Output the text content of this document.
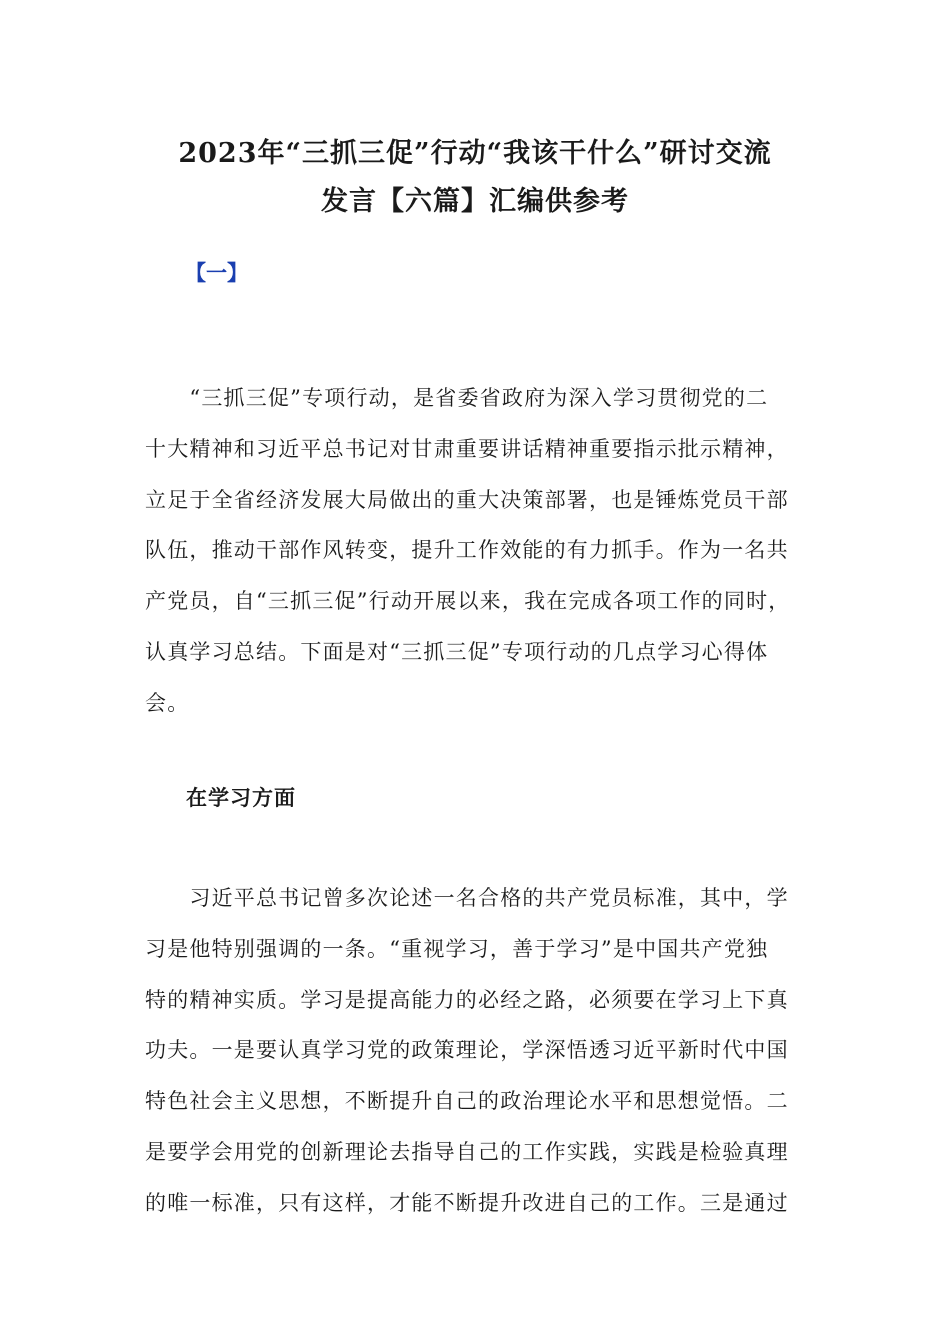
2023年“三抓三促”行动“我该干什么”研讨交流
发言【六篇】汇编供参考

【一】

　　“三抓三促”专项行动，是省委省政府为深入学习贯彻党的二
十大精神和习近平总书记对甘肃重要讲话精神重要指示批示精神，
立足于全省经济发展大局做出的重大决策部署，也是锤炼党员干部
队伍，推动干部作风转变，提升工作效能的有力抓手。作为一名共
产党员，自“三抓三促”行动开展以来，我在完成各项工作的同时，
认真学习总结。下面是对“三抓三促”专项行动的几点学习心得体
会。

在学习方面

　　习近平总书记曾多次论述一名合格的共产党员标准，其中，学
习是他特别强调的一条。“重视学习，善于学习”是中国共产党独
特的精神实质。学习是提高能力的必经之路，必须要在学习上下真
功夫。一是要认真学习党的政策理论，学深悟透习近平新时代中国
特色社会主义思想，不断提升自己的政治理论水平和思想觉悟。二
是要学会用党的创新理论去指导自己的工作实践，实践是检验真理
的唯一标准，只有这样，才能不断提升改进自己的工作。三是通过
